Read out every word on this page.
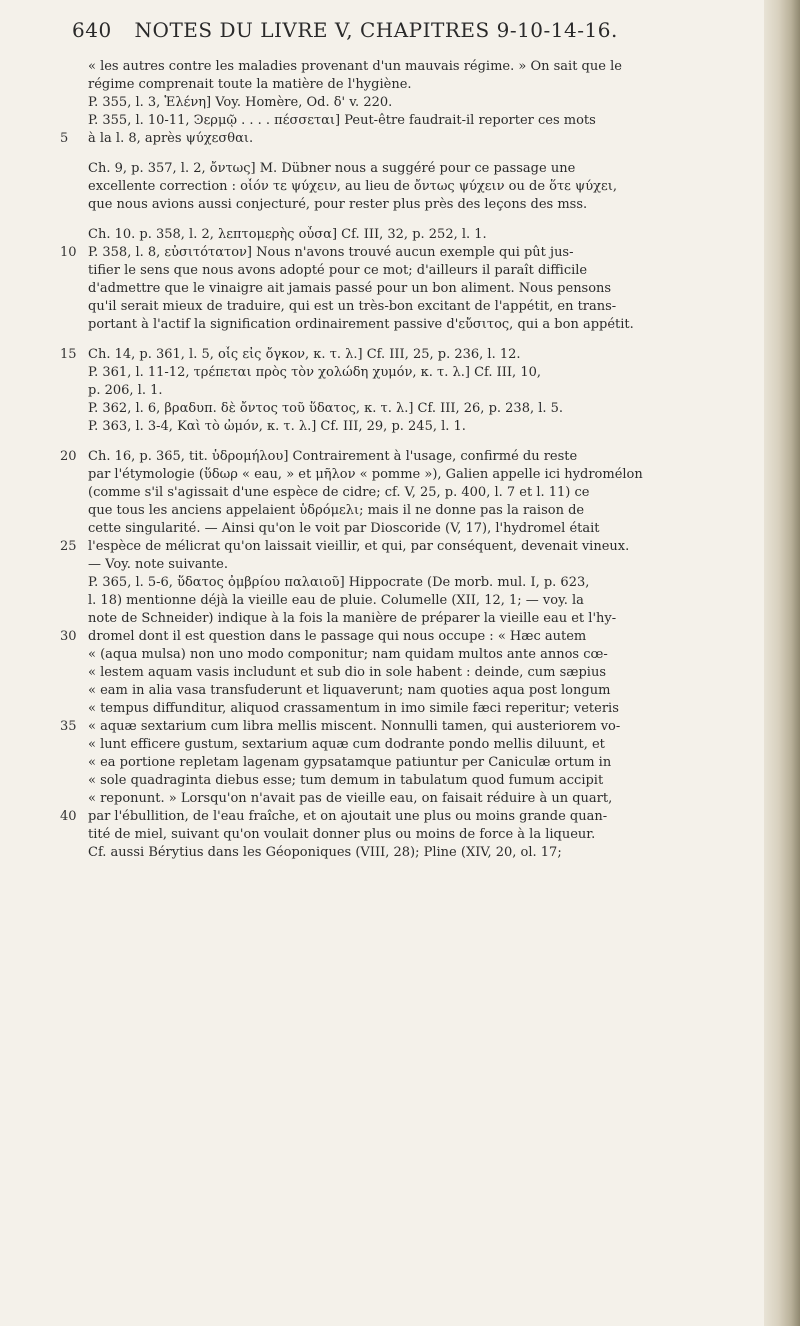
640 NOTES DU LIVRE V, CHAPITRES 9-10-14-16.
« les autres contre les maladies provenant d'un mauvais régime. » On sait que le
régime comprenait toute la matière de l'hygiène.
P. 355, l. 3, Ἑλένη] Voy. Homère, Od. δ' v. 220.
P. 355, l. 10-11, Ͽερμῷ . . . . πέσσεται] Peut-être faudrait-il reporter ces mots
5	à la l. 8, après ψύχεσθαι.
Ch. 9, p. 357, l. 2, ὄντως] M. Dübner nous a suggéré pour ce passage une
excellente correction : οἷόν τε ψύχειν, au lieu de ὄντως ψύχειν ou de ὅτε ψύχει,
que nous avions aussi conjecturé, pour rester plus près des leçons des mss.
Ch. 10. p. 358, l. 2, λεπτομερὴς οὖσα] Cf. III, 32, p. 252, l. 1.
10 P. 358, l. 8, εὐσιτότατον] Nous n'avons trouvé aucun exemple qui pût jus-
tifier le sens que nous avons adopté pour ce mot; d'ailleurs il paraît difficile
d'admettre que le vinaigre ait jamais passé pour un bon aliment. Nous pensons
qu'il serait mieux de traduire, qui est un très-bon excitant de l'appétit, en trans-
portant à l'actif la signification ordinairement passive d'εὔσιτος, qui a bon appétit.
15 Ch. 14, p. 361, l. 5, οἷς εἰς ὄγκον, κ. τ. λ.] Cf. III, 25, p. 236, l. 12.
P. 361, l. 11-12, τρέπεται πρὸς τὸν χολώδη χυμόν, κ. τ. λ.] Cf. III, 10,
p. 206, l. 1.
P. 362, l. 6, βραδυπ. δὲ ὄντος τοῦ ὕδατος, κ. τ. λ.] Cf. III, 26, p. 238, l. 5.
P. 363, l. 3-4, Καὶ τὸ ὠμόν, κ. τ. λ.] Cf. III, 29, p. 245, l. 1.
20 Ch. 16, p. 365, tit. ὑδρομήλου] Contrairement à l'usage, confirmé du reste
par l'étymologie (ὕδωρ « eau, » et μῆλον « pomme »), Galien appelle ici hydromélon
(comme s'il s'agissait d'une espèce de cidre; cf. V, 25, p. 400, l. 7 et l. 11) ce
que tous les anciens appelaient ὑδρόμελι; mais il ne donne pas la raison de
cette singularité. — Ainsi qu'on le voit par Dioscoride (V, 17), l'hydromel était
25 l'espèce de mélicrat qu'on laissait vieillir, et qui, par conséquent, devenait vineux.
— Voy. note suivante.
P. 365, l. 5-6, ὕδατος ὀμβρίου παλαιοῦ] Hippocrate (De morb. mul. I, p. 623,
l. 18) mentionne déjà la vieille eau de pluie. Columelle (XII, 12, 1; — voy. la
note de Schneider) indique à la fois la manière de préparer la vieille eau et l'hy-
30 dromel dont il est question dans le passage qui nous occupe : « Hæc autem
« (aqua mulsa) non uno modo componitur; nam quidam multos ante annos cœ-
« lestem aquam vasis includunt et sub dio in sole habent : deinde, cum sæpius
« eam in alia vasa transfuderunt et liquaverunt; nam quoties aqua post longum
« tempus diffunditur, aliquod crassamentum in imo simile fæci reperitur; veteris
35 « aquæ sextarium cum libra mellis miscent. Nonnulli tamen, qui austeriorem vo-
« lunt efficere gustum, sextarium aquæ cum dodrante pondo mellis diluunt, et
« ea portione repletam lagenam gypsatamque patiuntur per Caniculæ ortum in
« sole quadraginta diebus esse; tum demum in tabulatum quod fumum accipit
« reponunt. » Lorsqu'on n'avait pas de vieille eau, on faisait réduire à un quart,
40 par l'ébullition, de l'eau fraîche, et on ajoutait une plus ou moins grande quan-
tité de miel, suivant qu'on voulait donner plus ou moins de force à la liqueur.
Cf. aussi Bérytius dans les Géoponiques (VIII, 28); Pline (XIV, 20, ol. 17;
